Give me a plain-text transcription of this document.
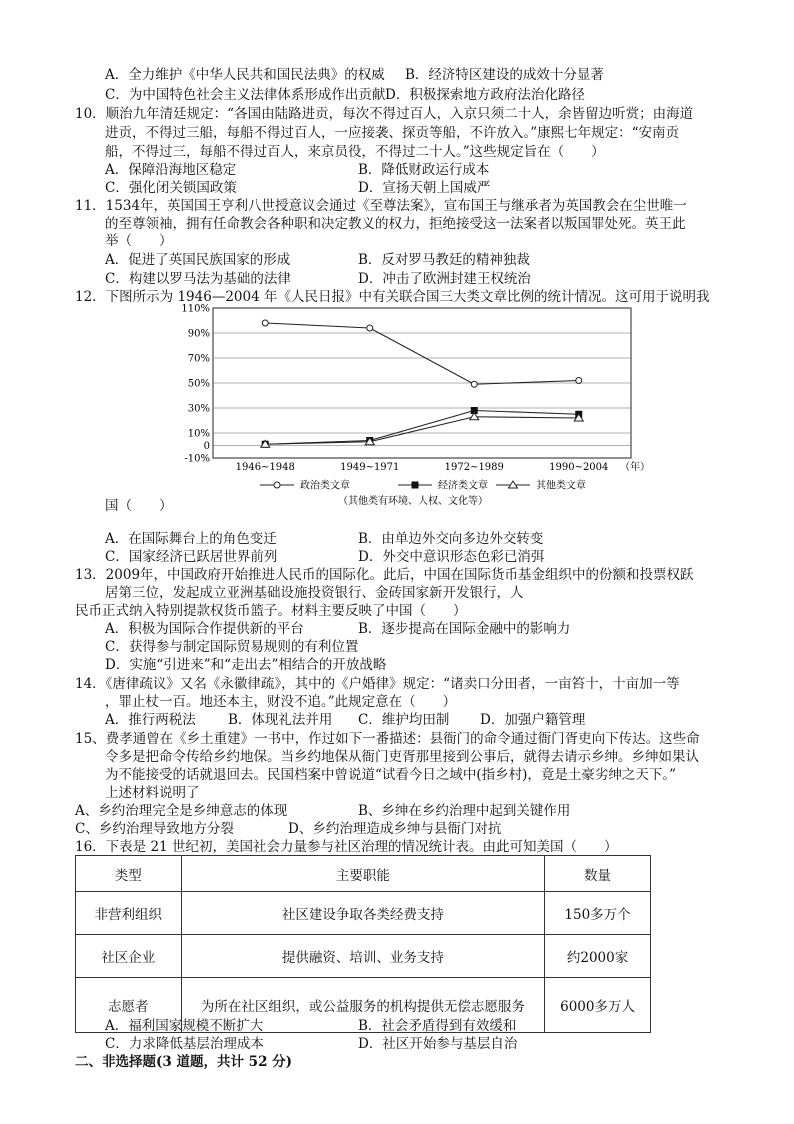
A．全力维护《中华人民共和国民法典》的权威 B．经济特区建设的成效十分显著
C．为中国特色社会主义法律体系形成作出贡献 D．积极探索地方政府法治化路径
10．顺治九年清廷规定：“各国由陆路进贡，每次不得过百人，入京只须二十人，余皆留边听赏；由海道
进贡，不得过三船，每船不得过百人，一应接袭、探贡等船，不许放入。”康熙七年规定：“安南贡
船，不得过三，每船不得过百人，来京员役，不得过二十人。”这些规定旨在（　　）
A．保障沿海地区稳定	B．降低财政运行成本
C．强化闭关锁国政策	D．宣扬天朝上国威严
11．1534年，英国国王亨利八世授意议会通过《至尊法案》，宣布国王与继承者为英国教会在尘世唯一
的至尊领袖，拥有任命教会各种职和决定教义的权力，拒绝接受这一法案者以叛国罪处死。英王此
举（　　）
A．促进了英国民族国家的形成	B．反对罗马教廷的精神独裁
C．构建以罗马法为基础的法律	D．冲击了欧洲封建王权统治
12．下图所示为 1946—2004 年《人民日报》中有关联合国三大类文章比例的统计情况。这可用于说明我
110%
90%
70%
50%
30%
10%
0
-10%
1946~1948	1949~1971	1972~1989	1990~2004 （年）
政治类文章	经济类文章	其他类文章
（其他类有环境、人权、文化等）
国（　　）
A．在国际舞台上的角色变迁	B．由单边外交向多边外交转变
C．国家经济已跃居世界前列	D．外交中意识形态色彩已消弭
13．2009年，中国政府开始推进人民币的国际化。此后，中国在国际货币基金组织中的份额和投票权跃
居第三位，发起成立亚洲基础设施投资银行、金砖国家新开发银行，人
民币正式纳入特别提款权货币篮子。材料主要反映了中国（　　）
A．积极为国际合作提供新的平台	B．逐步提高在国际金融中的影响力
C．获得参与制定国际贸易规则的有利位置
D．实施“引进来”和“走出去”相结合的开放战略
14．《唐律疏议》又名《永徽律疏》，其中的《户婚律》规定：“诸卖口分田者，一亩笞十，十亩加一等
，罪止杖一百。地还本主，财没不追。”此规定意在（　　）
A．推行两税法 B．体现礼法并用 C．维护均田制 D．加强户籍管理
15、费孝通曾在《乡土重建》一书中，作过如下一番描述：县衙门的命令通过衙门胥吏向下传达。这些命
令多是把命令传给乡约地保。当乡约地保从衙门吏胥那里接到公事后，就得去请示乡绅。乡绅如果认
为不能接受的话就退回去。民国档案中曾说道“试看今日之域中(指乡村)，竟是土豪劣绅之天下。”
上述材料说明了
A、乡约治理完全是乡绅意志的体现	B、乡绅在乡约治理中起到关键作用
C、乡约治理导致地方分裂	D、乡约治理造成乡绅与县衙门对抗
16．下表是 21 世纪初，美国社会力量参与社区治理的情况统计表。由此可知美国（　　）
类型	主要职能	数量
非营利组织	社区建设争取各类经费支持	150多万个
社区企业	提供融资、培训、业务支持	约2000家
志愿者	为所在社区组织，或公益服务的机构提供无偿志愿服务	6000多万人
A．福利国家规模不断扩大	B．社会矛盾得到有效缓和
C．力求降低基层治理成本	D．社区开始参与基层自治
二、非选择题(3 道题，共计 52 分)
